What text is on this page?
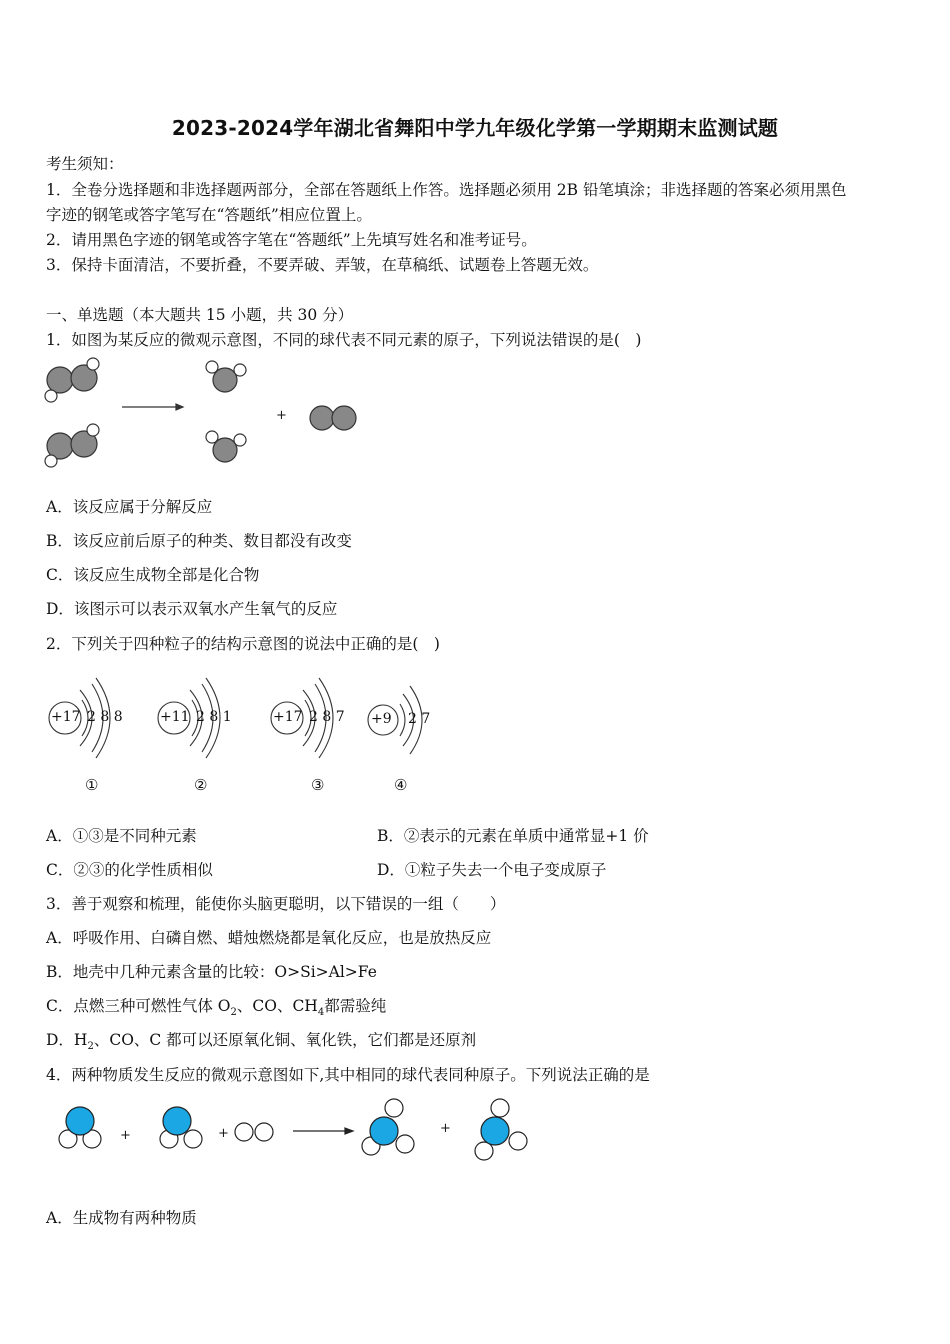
2023-2024学年湖北省舞阳中学九年级化学第一学期期末监测试题
考生须知：
1．全卷分选择题和非选择题两部分，全部在答题纸上作答。选择题必须用 2B 铅笔填涂；非选择题的答案必须用黑色
字迹的钢笔或答字笔写在“答题纸”相应位置上。
2．请用黑色字迹的钢笔或答字笔在“答题纸”上先填写姓名和准考证号。
3．保持卡面清洁，不要折叠，不要弄破、弄皱，在草稿纸、试题卷上答题无效。
一、单选题（本大题共 15 小题，共 30 分）
1．如图为某反应的微观示意图，不同的球代表不同元素的原子，下列说法错误的是(　)
+
A．该反应属于分解反应
B．该反应前后原子的种类、数目都没有改变
C．该反应生成物全部是化合物
D．该图示可以表示双氧水产生氧气的反应
2．下列关于四种粒子的结构示意图的说法中正确的是(　)
+17 2 8 8
①
+11 2 8 1
②
+17 2 8 7
③
+9 2 7
④
A．①③是不同种元素	B．②表示的元素在单质中通常显+1 价
C．②③的化学性质相似	D．①粒子失去一个电子变成原子
3．善于观察和梳理，能使你头脑更聪明，以下错误的一组（　　）
A．呼吸作用、白磷自燃、蜡烛燃烧都是氧化反应，也是放热反应
B．地壳中几种元素含量的比较：O>Si>Al>Fe
C．点燃三种可燃性气体 $O_2$、CO、$CH_4$都需验纯
D．$H_2$、CO、C 都可以还原氧化铜、氧化铁，它们都是还原剂
4．两种物质发生反应的微观示意图如下,其中相同的球代表同种原子。下列说法正确的是
+	+	+
A．生成物有两种物质
